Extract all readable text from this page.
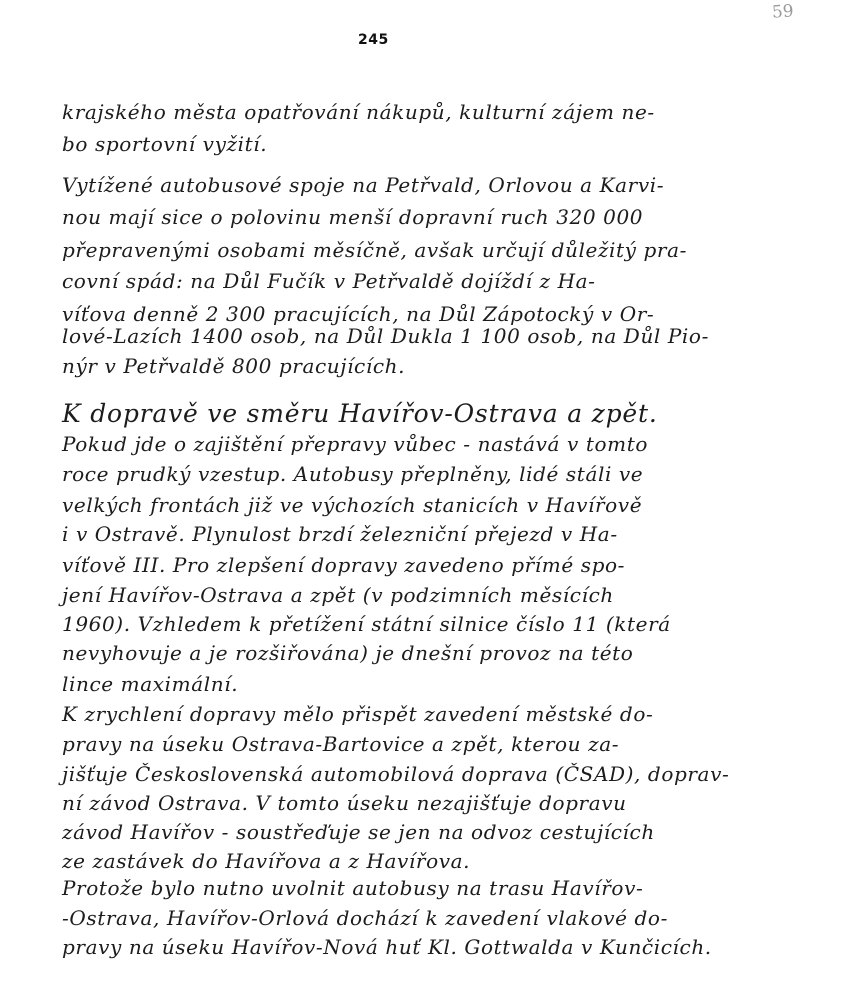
59
245
krajského města opatřování nákupů, kulturní zájem ne-
bo sportovní vyžití.
Vytížené autobusové spoje na Petřvald, Orlovou a Karvi-
nou mají sice o polovinu menší dopravní ruch 320 000
přepravenými osobami měsíčně, avšak určují důležitý pra-
covní spád: na Důl Fučík v Petřvaldě dojíždí z Ha-
víťova denně 2 300 pracujících, na Důl Zápotocký v Or-
lové-Lazích 1400 osob, na Důl Dukla 1 100 osob, na Důl Pio-
nýr v Petřvaldě 800 pracujících.
K dopravě ve směru Havířov-Ostrava a zpět.
Pokud jde o zajištění přepravy vůbec - nastává v tomto
roce prudký vzestup. Autobusy přeplněny, lidé stáli ve
velkých frontách již ve výchozích stanicích v Havířově
i v Ostravě. Plynulost brzdí železniční přejezd v Ha-
víťově III. Pro zlepšení dopravy zavedeno přímé spo-
jení Havířov-Ostrava a zpět (v podzimních měsících
1960). Vzhledem k přetížení státní silnice číslo 11 (která
nevyhovuje a je rozšiřována) je dnešní provoz na této
lince maximální.
K zrychlení dopravy mělo přispět zavedení městské do-
pravy na úseku Ostrava-Bartovice a zpět, kterou za-
jišťuje Československá automobilová doprava (ČSAD), doprav-
ní závod Ostrava. V tomto úseku nezajišťuje dopravu
závod Havířov - soustřeďuje se jen na odvoz cestujících
ze zastávek do Havířova a z Havířova.
Protože bylo nutno uvolnit autobusy na trasu Havířov-
-Ostrava, Havířov-Orlová dochází k zavedení vlakové do-
pravy na úseku Havířov-Nová huť Kl. Gottwalda v Kunčicích.
